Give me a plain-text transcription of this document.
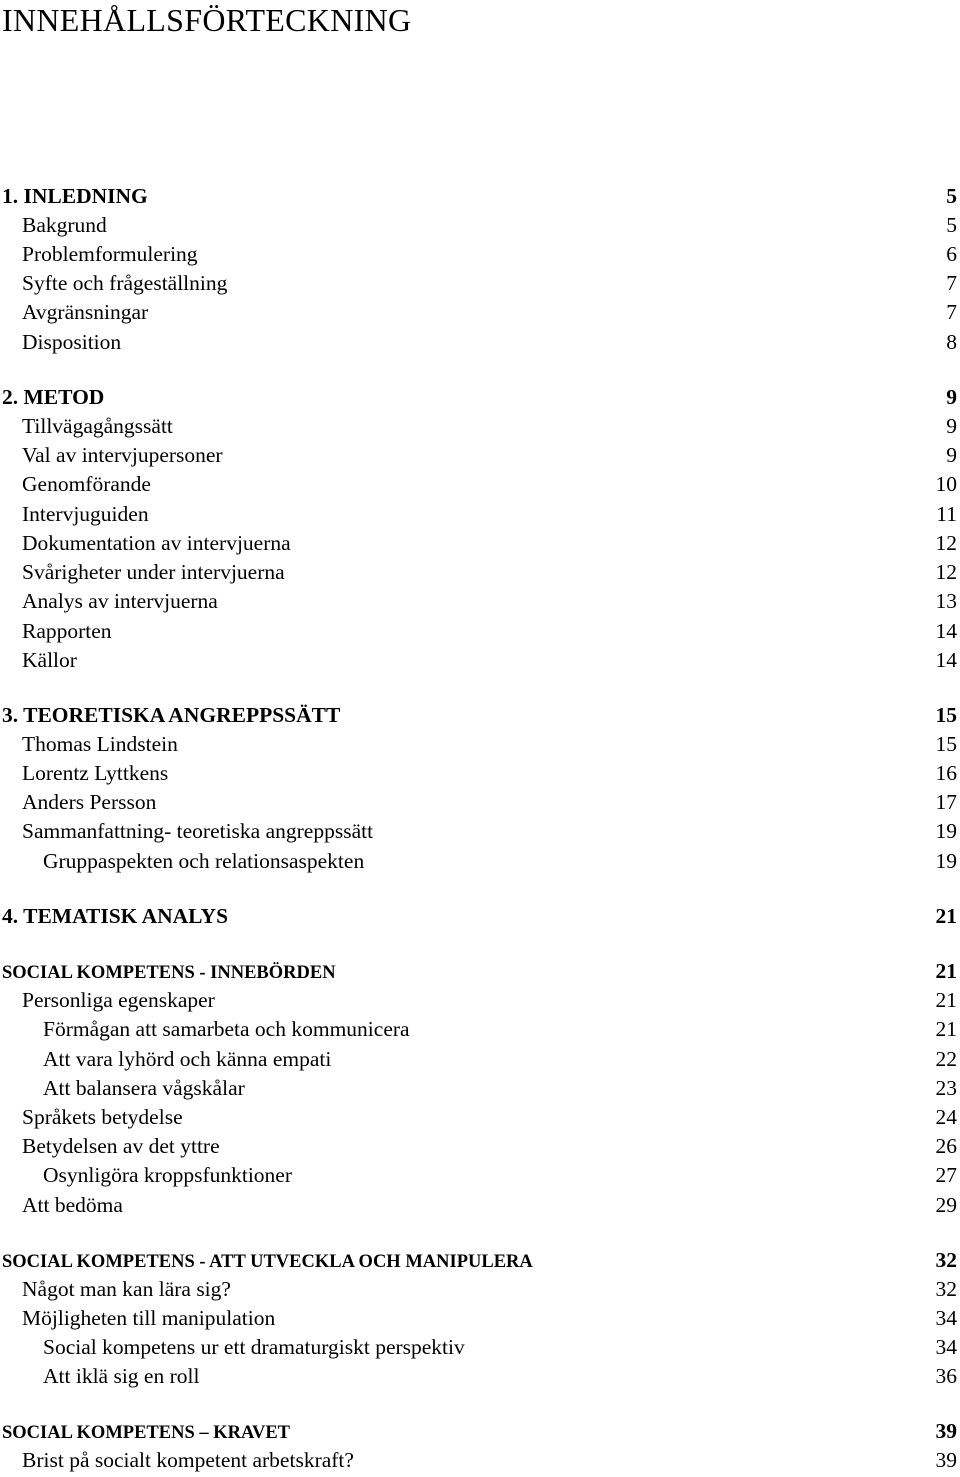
INNEHÅLLSFÖRTECKNING
1. INLEDNING	5
Bakgrund	5
Problemformulering	6
Syfte och frågeställning	7
Avgränsningar	7
Disposition	8
2. METOD	9
Tillvägagångssätt	9
Val av intervjupersoner	9
Genomförande	10
Intervjuguiden	11
Dokumentation av intervjuerna	12
Svårigheter under intervjuerna	12
Analys av intervjuerna	13
Rapporten	14
Källor	14
3. TEORETISKA ANGREPPSSÄTT	15
Thomas Lindstein	15
Lorentz Lyttkens	16
Anders Persson	17
Sammanfattning- teoretiska angreppssätt	19
Gruppaspekten och relationsaspekten	19
4. TEMATISK ANALYS	21
SOCIAL KOMPETENS - INNEBÖRDEN	21
Personliga egenskaper	21
Förmågan att samarbeta och kommunicera	21
Att vara lyhörd och känna empati	22
Att balansera vågskålar	23
Språkets betydelse	24
Betydelsen av det yttre	26
Osynligöra kroppsfunktioner	27
Att bedöma	29
SOCIAL KOMPETENS - ATT UTVECKLA OCH MANIPULERA	32
Något man kan lära sig?	32
Möjligheten till manipulation	34
Social kompetens ur ett dramaturgiskt perspektiv	34
Att iklä sig en roll	36
SOCIAL KOMPETENS – KRAVET	39
Brist på socialt kompetent arbetskraft?	39
